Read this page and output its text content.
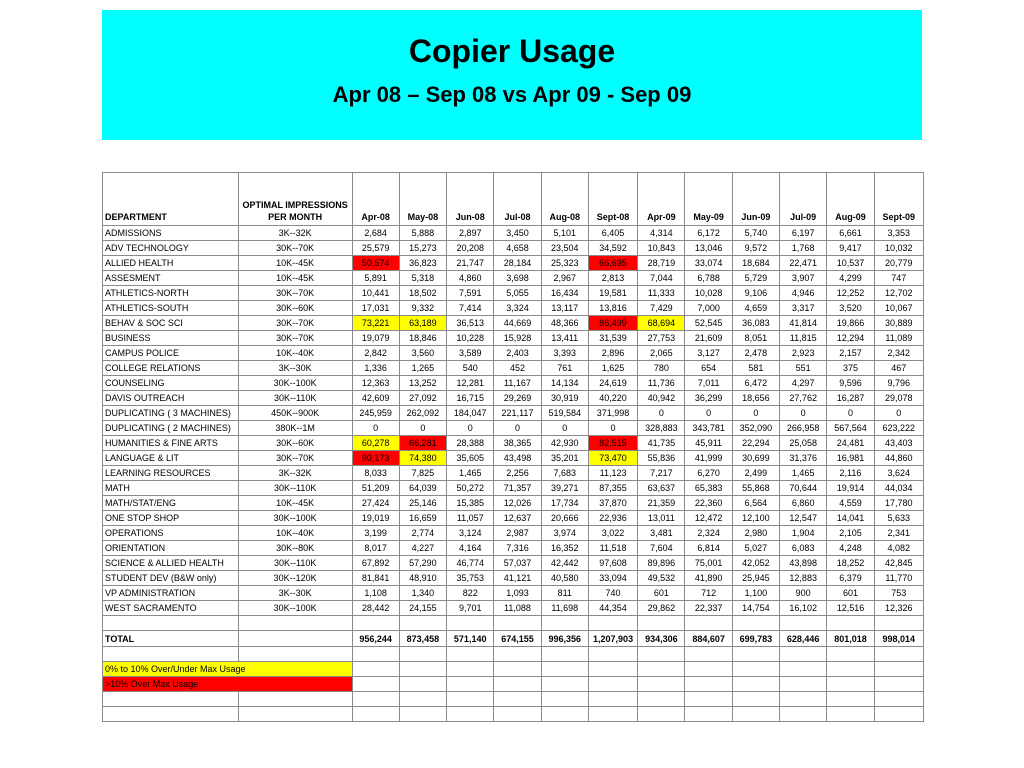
Copier Usage
Apr 08 – Sep 08 vs Apr 09 - Sep 09
DEPARTMENT	OPTIMAL IMPRESSIONS PER MONTH	Apr-08	May-08	Jun-08	Jul-08	Aug-08	Sept-08	Apr-09	May-09	Jun-09	Jul-09	Aug-09	Sept-09
ADMISSIONS	3K--32K	2,684	5,888	2,897	3,450	5,101	6,405	4,314	6,172	5,740	6,197	6,661	3,353
ADV TECHNOLOGY	30K--70K	25,579	15,273	20,208	4,658	23,504	34,592	10,843	13,046	9,572	1,768	9,417	10,032
ALLIED HEALTH	10K--45K	50,574	36,823	21,747	28,184	25,323	66,695	28,719	33,074	18,684	22,471	10,537	20,779
ASSESMENT	10K--45K	5,891	5,318	4,860	3,698	2,967	2,813	7,044	6,788	5,729	3,907	4,299	747
ATHLETICS-NORTH	30K--70K	10,441	18,502	7,591	5,055	16,434	19,581	11,333	10,028	9,106	4,946	12,252	12,702
ATHLETICS-SOUTH	30K--60K	17,031	9,332	7,414	3,324	13,117	13,816	7,429	7,000	4,659	3,317	3,520	10,067
BEHAV & SOC SCI	30K--70K	73,221	63,189	36,513	44,669	48,366	86,499	68,694	52,545	36,083	41,814	19,866	30,889
BUSINESS	30K--70K	19,079	18,846	10,228	15,928	13,411	31,539	27,753	21,609	8,051	11,815	12,294	11,089
CAMPUS POLICE	10K--40K	2,842	3,560	3,589	2,403	3,393	2,896	2,065	3,127	2,478	2,923	2,157	2,342
COLLEGE RELATIONS	3K--30K	1,336	1,265	540	452	761	1,625	780	654	581	551	375	467
COUNSELING	30K--100K	12,363	13,252	12,281	11,167	14,134	24,619	11,736	7,011	6,472	4,297	9,596	9,796
DAVIS OUTREACH	30K--110K	42,609	27,092	16,715	29,269	30,919	40,220	40,942	36,299	18,656	27,762	16,287	29,078
DUPLICATING ( 3 MACHINES)	450K--900K	245,959	262,092	184,047	221,117	519,584	371,998	0	0	0	0	0	0
DUPLICATING ( 2 MACHINES)	380K--1M	0	0	0	0	0	0	328,883	343,781	352,090	266,958	567,564	623,222
HUMANITIES & FINE ARTS	30K--60K	60,278	66,281	28,388	38,365	42,930	82,515	41,735	45,911	22,294	25,058	24,481	43,403
LANGUAGE & LIT	30K--70K	90,173	74,380	35,605	43,498	35,201	73,470	55,836	41,999	30,699	31,376	16,981	44,860
LEARNING RESOURCES	3K--32K	8,033	7,825	1,465	2,256	7,683	11,123	7,217	6,270	2,499	1,465	2,116	3,624
MATH	30K--110K	51,209	64,039	50,272	71,357	39,271	87,355	63,637	65,383	55,868	70,644	19,914	44,034
MATH/STAT/ENG	10K--45K	27,424	25,146	15,385	12,026	17,734	37,870	21,359	22,360	6,564	6,860	4,559	17,780
ONE STOP SHOP	30K--100K	19,019	16,659	11,057	12,637	20,666	22,936	13,011	12,472	12,100	12,547	14,041	5,633
OPERATIONS	10K--40K	3,199	2,774	3,124	2,987	3,974	3,022	3,481	2,324	2,980	1,904	2,105	2,341
ORIENTATION	30K--80K	8,017	4,227	4,164	7,316	16,352	11,518	7,604	6,814	5,027	6,083	4,248	4,082
SCIENCE & ALLIED HEALTH	30K--110K	67,892	57,290	46,774	57,037	42,442	97,608	89,896	75,001	42,052	43,898	18,252	42,845
STUDENT DEV (B&W only)	30K--120K	81,841	48,910	35,753	41,121	40,580	33,094	49,532	41,890	25,945	12,883	6,379	11,770
VP ADMINISTRATION	3K--30K	1,108	1,340	822	1,093	811	740	601	712	1,100	900	601	753
WEST SACRAMENTO	30K--100K	28,442	24,155	9,701	11,088	11,698	44,354	29,862	22,337	14,754	16,102	12,516	12,326

TOTAL		956,244	873,458	571,140	674,155	996,356	1,207,903	934,306	884,607	699,783	628,446	801,018	998,014

0% to 10% Over/Under Max Usage													
>10% Over Max Usage													
